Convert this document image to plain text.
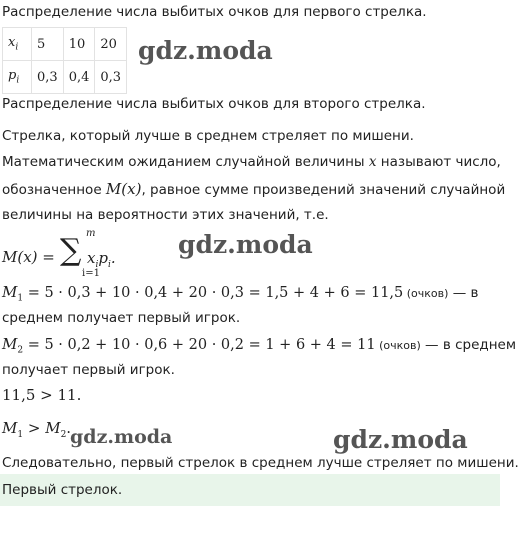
Распределение числа выбитых очков для первого стрелка.
$x_i$	5	10	20
$p_i$	0,3	0,4	0,3
gdz.moda
Распределение числа выбитых очков для второго стрелка.
Стрелка, который лучше в среднем стреляет по мишени.
Математическим ожиданием случайной величины x называют число,
обозначенное M(x), равное сумме произведений значений случайной
величины на вероятности этих значений, т.е.
M(x) = ∑ m
i=1
$x_ip_i$. gdz.moda
$M_1 = 5 \cdot 0,3 + 10 \cdot 0,4 + 20 \cdot 0,3 = 1,5 + 4 + 6 = 11,5$ (очков) — в
среднем получает первый игрок.
$M_2 = 5 \cdot 0,2 + 10 \cdot 0,6 + 20 \cdot 0,2 = 1 + 6 + 4 = 11$ (очков) — в среднем
получает первый игрок.
11,5 > 11.
$M_1 > M_2$.
gdz.moda	gdz.moda
Следовательно, первый стрелок в среднем лучше стреляет по мишени.
Первый стрелок.
